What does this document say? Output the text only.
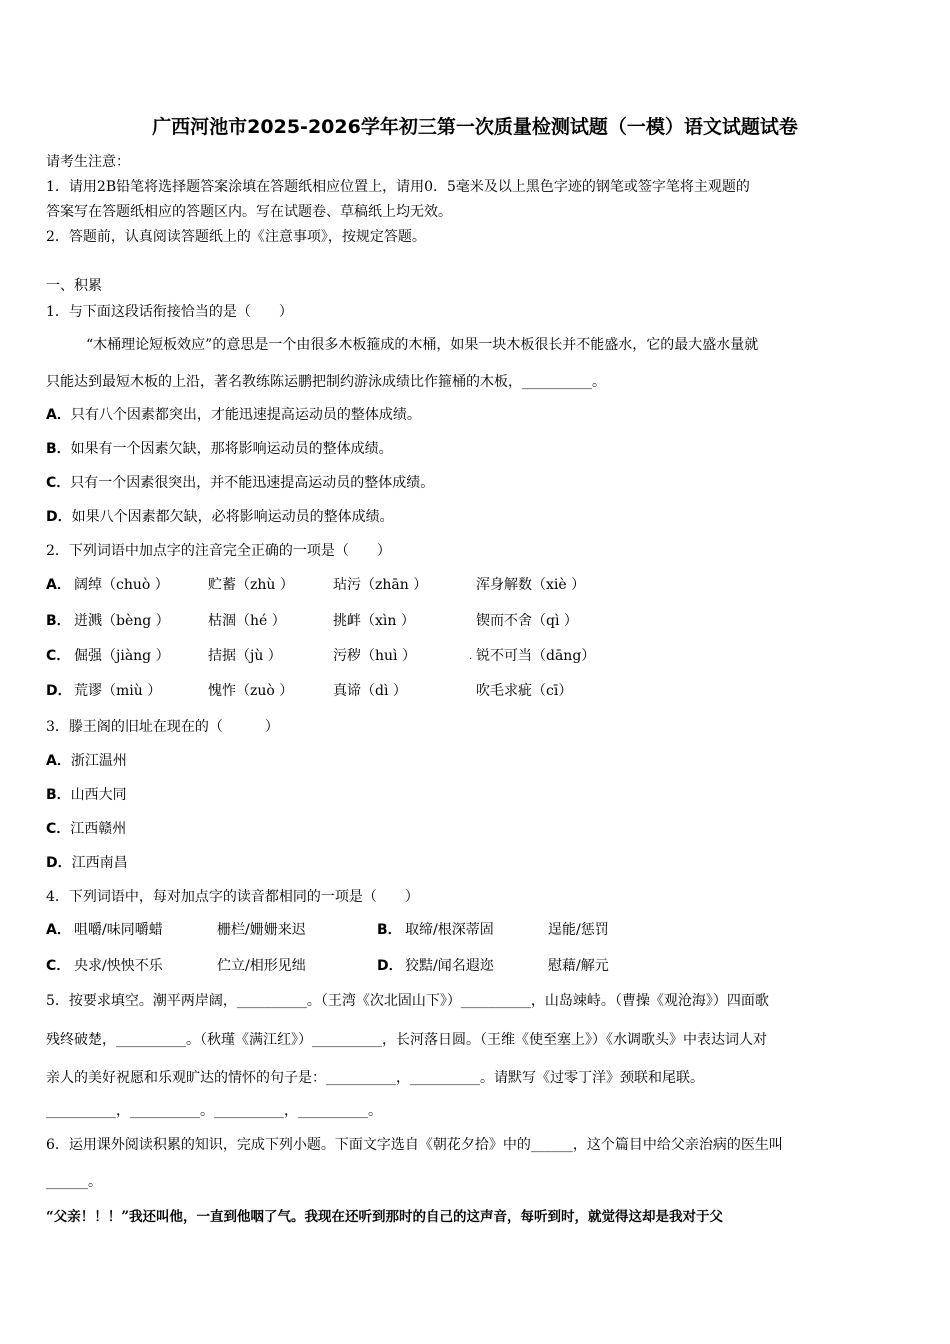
广西河池市2025-2026学年初三第一次质量检测试题（一模）语文试题试卷
请考生注意：
1．请用2B铅笔将选择题答案涂填在答题纸相应位置上，请用0．5毫米及以上黑色字迹的钢笔或签字笔将主观题的
答案写在答题纸相应的答题区内。写在试题卷、草稿纸上均无效。
2．答题前，认真阅读答题纸上的《注意事项》，按规定答题。
一、积累
1．与下面这段话衔接恰当的是（　　）
“木桶理论短板效应”的意思是一个由很多木板箍成的木桶，如果一块木板很长并不能盛水，它的最大盛水量就
只能达到最短木板的上沿，著名教练陈运鹏把制约游泳成绩比作箍桶的木板，__________。
A．只有八个因素都突出，才能迅速提高运动员的整体成绩。
B．如果有一个因素欠缺，那将影响运动员的整体成绩。
C．只有一个因素很突出，并不能迅速提高运动员的整体成绩。
D．如果八个因素都欠缺，必将影响运动员的整体成绩。
2．下列词语中加点字的注音完全正确的一项是（　　）
A． 阔绰（chuò ）	贮蓄（zhù ）	玷污（zhān ）	浑身解数（xiè ）
B． 迸溅（bèng ）	枯涸（hé ）	挑衅（xìn ）	锲而不舍（qì ）
C． 倔强（jiàng ）	拮据（jù ）	污秽（huì ）	· 锐不可当（dāng）
D． 荒谬（miù ）	愧怍（zuò ）	真谛（dì ）	吹毛求疵（cī）
3．滕王阁的旧址在现在的（　　　）
A．浙江温州
B．山西大同
C．江西赣州
D．江西南昌
4．下列词语中，每对加点字的读音都相同的一项是（　　）
A． 咀嚼/味同嚼蜡	栅栏/姗姗来迟	B． 取缔/根深蒂固	逞能/惩罚
C． 央求/怏怏不乐	伫立/相形见绌	D． 狡黠/闻名遐迩	慰藉/解元
5．按要求填空。潮平两岸阔，__________。（王湾《次北固山下》）__________，山岛竦峙。（曹操《观沧海》）四面歌
残终破楚，__________。（秋瑾《满江红》）__________，长河落日圆。（王维《使至塞上》）《水调歌头》中表达词人对
亲人的美好祝愿和乐观旷达的情怀的句子是：__________，__________。请默写《过零丁洋》颈联和尾联。
__________，__________。__________，__________。
6．运用课外阅读积累的知识，完成下列小题。下面文字选自《朝花夕拾》中的______，这个篇目中给父亲治病的医生叫
______。
“父亲！！！”我还叫他，一直到他咽了气。我现在还听到那时的自己的这声音，每听到时，就觉得这却是我对于父
